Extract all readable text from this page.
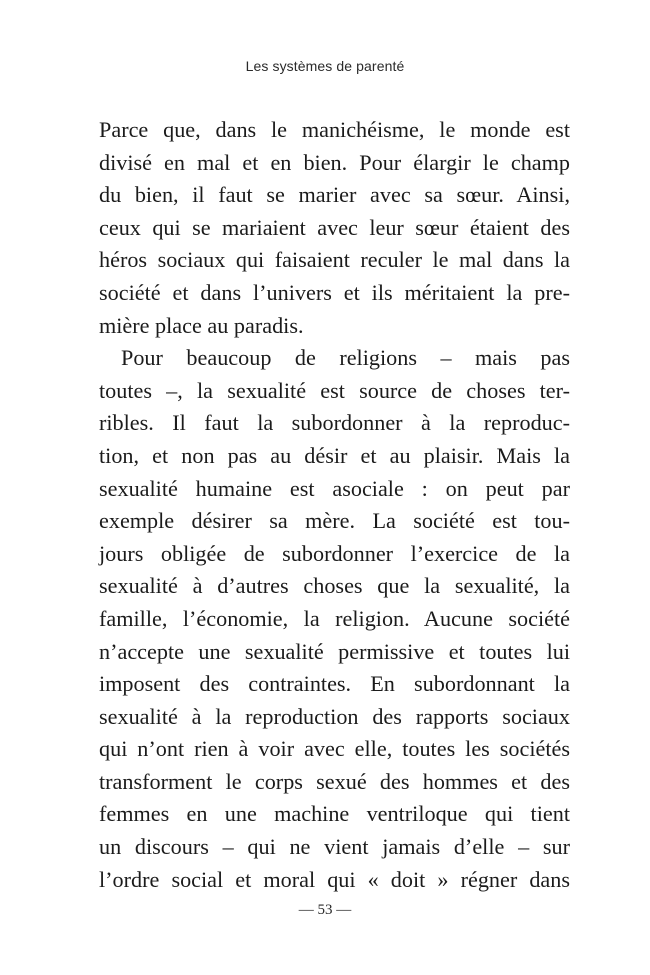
Les systèmes de parenté
Parce que, dans le manichéisme, le monde est
divisé en mal et en bien. Pour élargir le champ
du bien, il faut se marier avec sa sœur. Ainsi,
ceux qui se mariaient avec leur sœur étaient des
héros sociaux qui faisaient reculer le mal dans la
société et dans l’univers et ils méritaient la pre-
mière place au paradis.
Pour beaucoup de religions – mais pas
toutes –, la sexualité est source de choses ter-
ribles. Il faut la subordonner à la reproduc-
tion, et non pas au désir et au plaisir. Mais la
sexualité humaine est asociale : on peut par
exemple désirer sa mère. La société est tou-
jours obligée de subordonner l’exercice de la
sexualité à d’autres choses que la sexualité, la
famille, l’économie, la religion. Aucune société
n’accepte une sexualité permissive et toutes lui
imposent des contraintes. En subordonnant la
sexualité à la reproduction des rapports sociaux
qui n’ont rien à voir avec elle, toutes les sociétés
transforment le corps sexué des hommes et des
femmes en une machine ventriloque qui tient
un discours – qui ne vient jamais d’elle – sur
l’ordre social et moral qui « doit » régner dans
— 53 —
